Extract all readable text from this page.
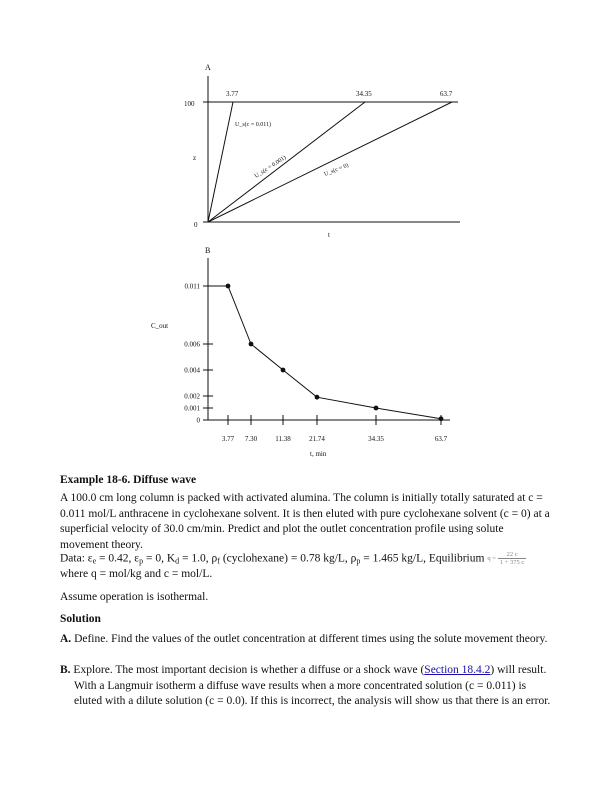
A
100
0
z
t
3.77	34.35	63.7
U_s(c = 0.011)
U_s(c = 0.001)	U_s(c = 0)
B
0.011
0.006
0.004
0.002
0.001
0
3.77 7.30	11.38	21.74	34.35	63.7
C_out
t, min
Example 18-6. Diffuse wave
A 100.0 cm long column is packed with activated alumina. The column is initially totally saturated at c = 0.011 mol/L anthracene in cyclohexane solvent. It is then eluted with pure cyclohexane solvent (c = 0) at a superficial velocity of 30.0 cm/min. Predict and plot the outlet concentration profile using solute movement theory.
Data: $\varepsilon_e = 0.42$, $\varepsilon_p = 0$, $K_d = 1.0$, $\rho_f$ (cyclohexane) = 0.78 kg/L, $\rho_p = 1.465$ kg/L, Equilibrium $q = \frac{22 c}{1 + 375 c}$

where q = mol/kg and c = mol/L.
Assume operation is isothermal.
Solution
A. Define. Find the values of the outlet concentration at different times using the solute movement theory.
B. Explore. The most important decision is whether a diffuse or a shock wave (Section 18.4.2) will result. With a Langmuir isotherm a diffuse wave results when a more concentrated solution (c = 0.011) is eluted with a dilute solution (c = 0.0). If this is incorrect, the analysis will show us that there is an error.
